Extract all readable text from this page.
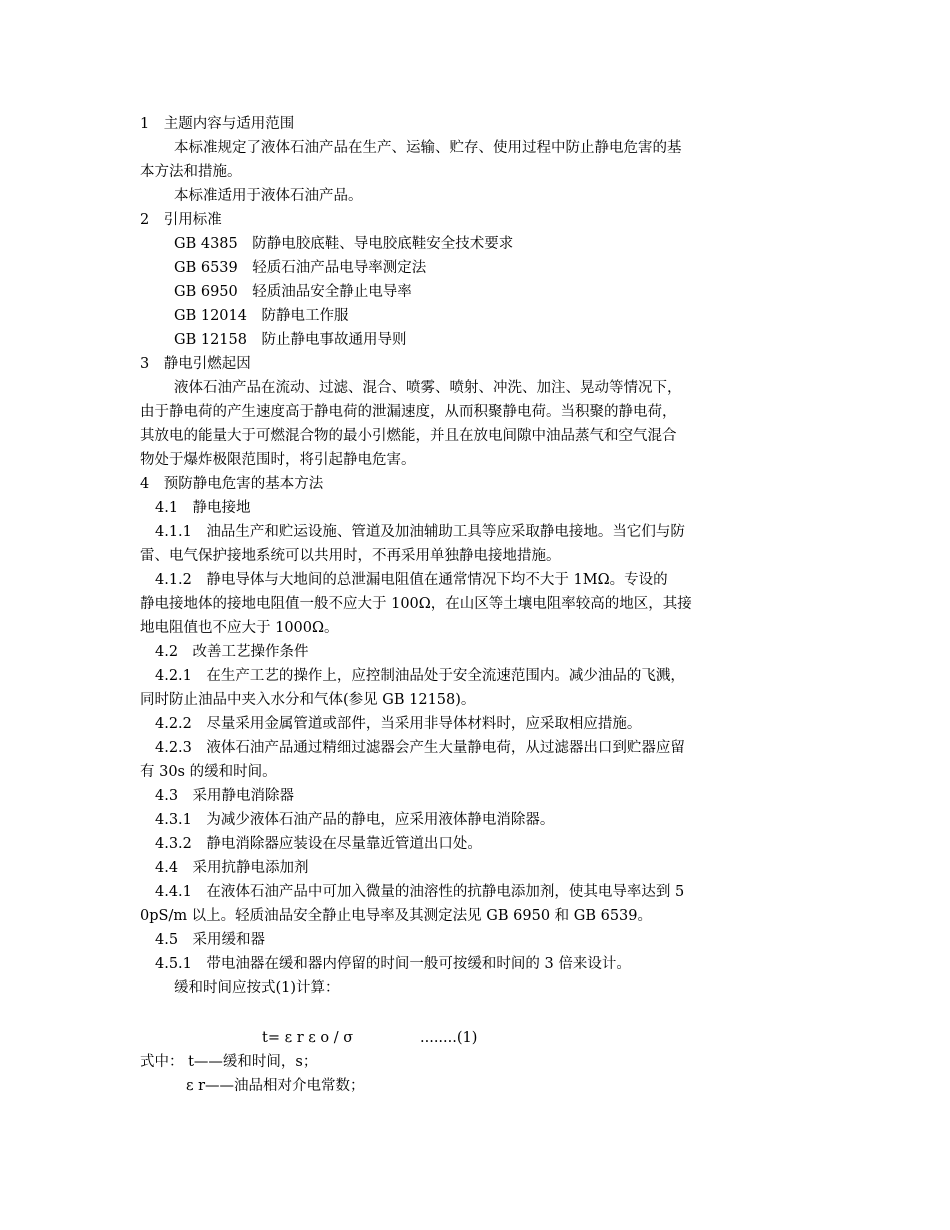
1　主题内容与适用范围
本标准规定了液体石油产品在生产、运输、贮存、使用过程中防止静电危害的基
本方法和措施。
本标准适用于液体石油产品。
2　引用标准
GB 4385　防静电胶底鞋、导电胶底鞋安全技术要求
GB 6539　轻质石油产品电导率测定法
GB 6950　轻质油品安全静止电导率
GB 12014　防静电工作服
GB 12158　防止静电事故通用导则
3　静电引燃起因
液体石油产品在流动、过滤、混合、喷雾、喷射、冲洗、加注、晃动等情况下，
由于静电荷的产生速度高于静电荷的泄漏速度，从而积聚静电荷。当积聚的静电荷，
其放电的能量大于可燃混合物的最小引燃能，并且在放电间隙中油品蒸气和空气混合
物处于爆炸极限范围时，将引起静电危害。
4　预防静电危害的基本方法
4.1　静电接地
4.1.1　油品生产和贮运设施、管道及加油辅助工具等应采取静电接地。当它们与防
雷、电气保护接地系统可以共用时，不再采用单独静电接地措施。
4.1.2　静电导体与大地间的总泄漏电阻值在通常情况下均不大于 1MΩ。专设的
静电接地体的接地电阻值一般不应大于 100Ω，在山区等土壤电阻率较高的地区，其接
地电阻值也不应大于 1000Ω。
4.2　改善工艺操作条件
4.2.1　在生产工艺的操作上，应控制油品处于安全流速范围内。减少油品的飞溅，
同时防止油品中夹入水分和气体(参见 GB 12158)。
4.2.2　尽量采用金属管道或部件，当采用非导体材料时，应采取相应措施。
4.2.3　液体石油产品通过精细过滤器会产生大量静电荷，从过滤器出口到贮器应留
有 30s 的缓和时间。
4.3　采用静电消除器
4.3.1　为减少液体石油产品的静电，应采用液体静电消除器。
4.3.2　静电消除器应装设在尽量靠近管道出口处。
4.4　采用抗静电添加剂
4.4.1　在液体石油产品中可加入微量的油溶性的抗静电添加剂，使其电导率达到 5
0pS/m 以上。轻质油品安全静止电导率及其测定法见 GB 6950 和 GB 6539。
4.5　采用缓和器
4.5.1　带电油器在缓和器内停留的时间一般可按缓和时间的 3 倍来设计。
缓和时间应按式(1)计算：
t= ε r ε o / σ	........(1)
式中： t——缓和时间，s；
ε r——油品相对介电常数；
